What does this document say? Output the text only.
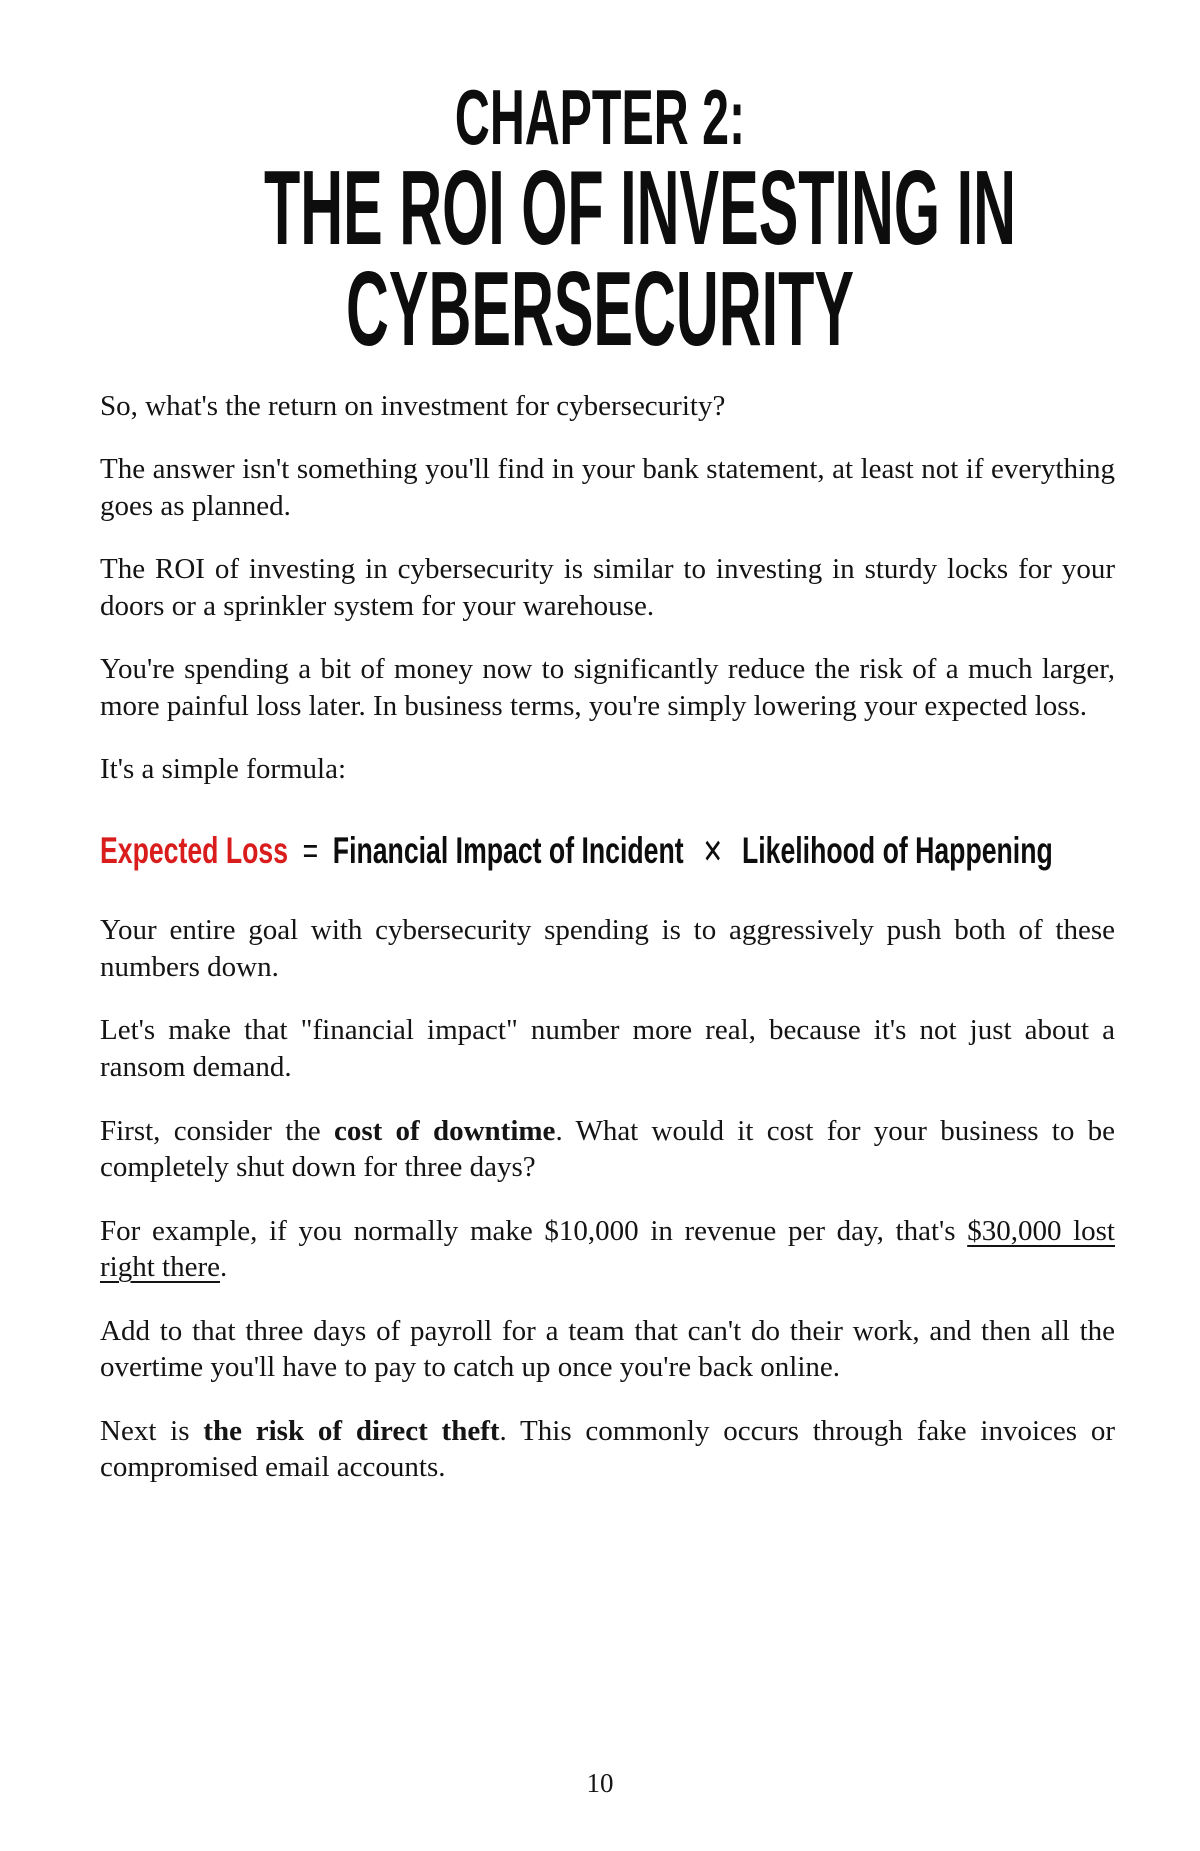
CHAPTER 2:
THE ROI OF INVESTING IN
CYBERSECURITY

So, what's the return on investment for cybersecurity?

The answer isn't something you'll find in your bank statement, at least not if everything goes as planned.

The ROI of investing in cybersecurity is similar to investing in sturdy locks for your doors or a sprinkler system for your warehouse.

You're spending a bit of money now to significantly reduce the risk of a much larger, more painful loss later. In business terms, you're simply lowering your expected loss.

It's a simple formula:

Expected Loss = Financial Impact of Incident ✕ Likelihood of Happening

Your entire goal with cybersecurity spending is to aggressively push both of these numbers down.

Let's make that "financial impact" number more real, because it's not just about a ransom demand.

First, consider the cost of downtime. What would it cost for your business to be completely shut down for three days?

For example, if you normally make $10,000 in revenue per day, that's $30,000 lost right there.

Add to that three days of payroll for a team that can't do their work, and then all the overtime you'll have to pay to catch up once you're back online.

Next is the risk of direct theft. This commonly occurs through fake invoices or compromised email accounts.

10
